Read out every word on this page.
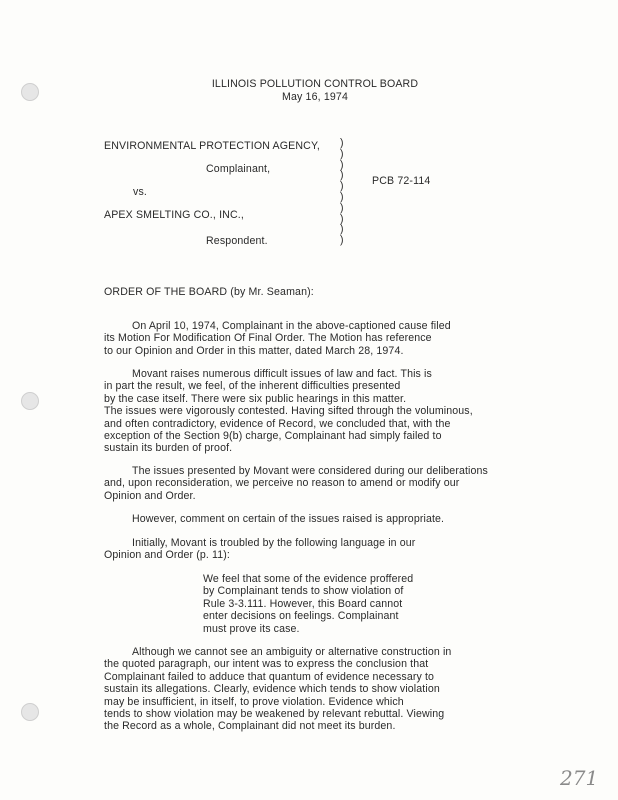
ILLINOIS POLLUTION CONTROL BOARD
May 16, 1974
ENVIRONMENTAL PROTECTION AGENCY,
Complainant,
vs.
APEX SMELTING CO., INC.,
Respondent.
)
)
)
)
)
)
)
)
)
)
PCB 72-114
ORDER OF THE BOARD (by Mr. Seaman):
On April 10, 1974, Complainant in the above-captioned cause filed
its Motion For Modification Of Final Order. The Motion has reference
to our Opinion and Order in this matter, dated March 28, 1974.
Movant raises numerous difficult issues of law and fact. This is
in part the result, we feel, of the inherent difficulties presented
by the case itself. There were six public hearings in this matter.
The issues were vigorously contested. Having sifted through the voluminous,
and often contradictory, evidence of Record, we concluded that, with the
exception of the Section 9(b) charge, Complainant had simply failed to
sustain its burden of proof.
The issues presented by Movant were considered during our deliberations
and, upon reconsideration, we perceive no reason to amend or modify our
Opinion and Order.
However, comment on certain of the issues raised is appropriate.
Initially, Movant is troubled by the following language in our
Opinion and Order (p. 11):
We feel that some of the evidence proffered
by Complainant tends to show violation of
Rule 3-3.111. However, this Board cannot
enter decisions on feelings. Complainant
must prove its case.
Although we cannot see an ambiguity or alternative construction in
the quoted paragraph, our intent was to express the conclusion that
Complainant failed to adduce that quantum of evidence necessary to
sustain its allegations. Clearly, evidence which tends to show violation
may be insufficient, in itself, to prove violation. Evidence which
tends to show violation may be weakened by relevant rebuttal. Viewing
the Record as a whole, Complainant did not meet its burden.
271
